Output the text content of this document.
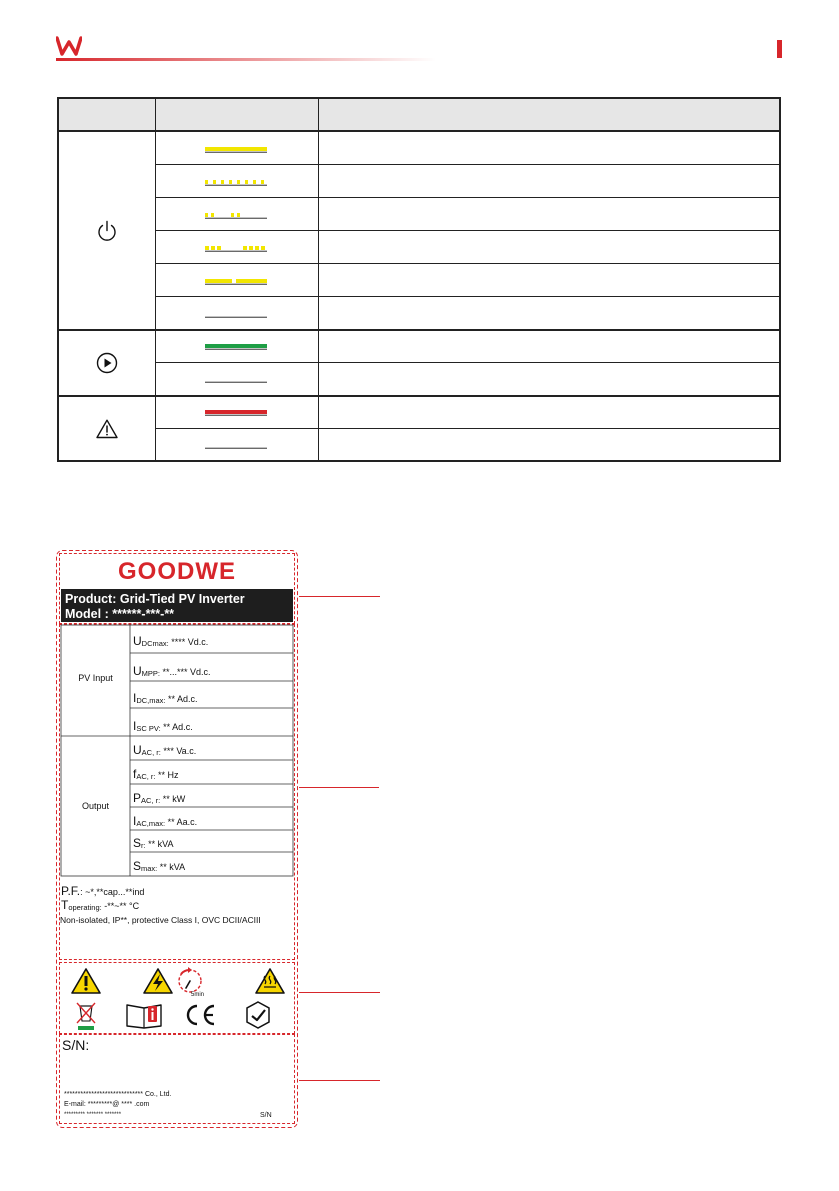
GOODWE
Product: Grid-Tied PV Inverter
Model : ******-***-**
PV Input
Output
$U_{DCmax:}$ **** Vd.c.
$U_{MPP:}$ **...*** Vd.c.
$I_{DC,max:} ** Ad.c$.
$I_{SC PV:} ** Ad.c$.
$U_{AC, r:}$ *** Va.c.
$f_{AC, r:}$ ** Hz
$P_{AC, r:}$ ** kW
$I_{AC,max:} ** Aa.c$.
$S_{r:}$ ** kVA
$S_{max:}$ ** kVA
P.F.: ~*,**cap...**ind
$T_{operating:}$ -**~** °C
Non-isolated, IP**, protective Class I, OVC DCII/ACIII
5min
S/N:
***************************** Co., Ltd.
E-mail: *********@ **** .com
********* ******* *******	S/N
